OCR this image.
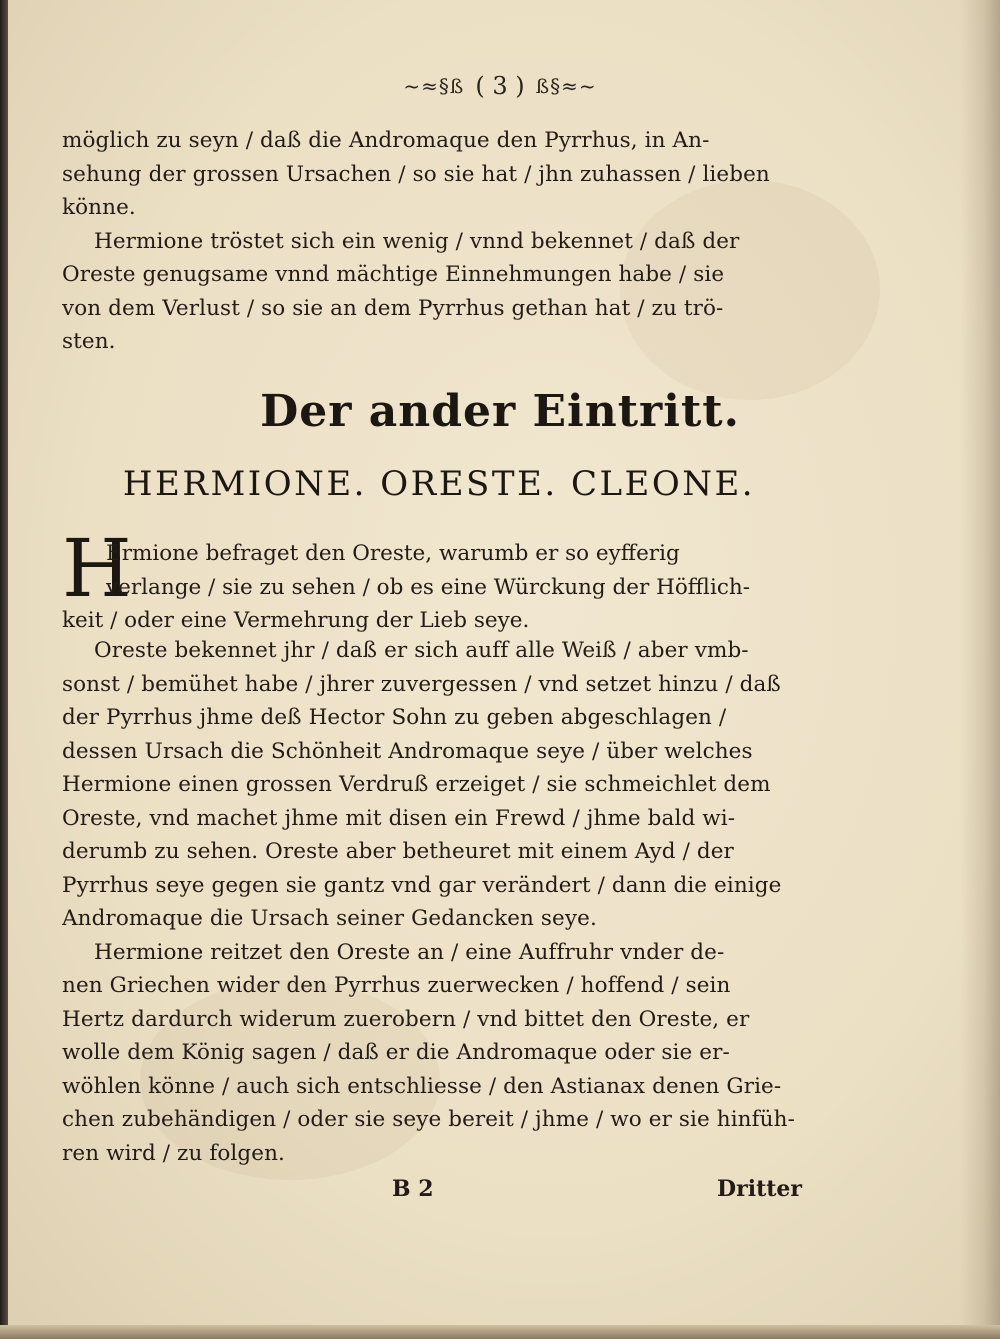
~≈§ß ( 3 ) ß§≈~
möglich zu seyn / daß die Andromaque den Pyrrhus, in An-
sehung der grossen Ursachen / so sie hat / jhn zuhassen / lieben
könne.
Hermione tröstet sich ein wenig / vnnd bekennet / daß der
Oreste genugsame vnnd mächtige Einnehmungen habe / sie
von dem Verlust / so sie an dem Pyrrhus gethan hat / zu trö-
sten.
Der ander Eintritt.
HERMIONE. ORESTE. CLEONE.
H
Ermione befraget den Oreste, warumb er so eyfferig
verlange / sie zu sehen / ob es eine Würckung der Höfflich-
keit / oder eine Vermehrung der Lieb seye.
Oreste bekennet jhr / daß er sich auff alle Weiß / aber vmb-
sonst / bemühet habe / jhrer zuvergessen / vnd setzet hinzu / daß
der Pyrrhus jhme deß Hector Sohn zu geben abgeschlagen /
dessen Ursach die Schönheit Andromaque seye / über welches
Hermione einen grossen Verdruß erzeiget / sie schmeichlet dem
Oreste, vnd machet jhme mit disen ein Frewd / jhme bald wi-
derumb zu sehen. Oreste aber betheuret mit einem Ayd / der
Pyrrhus seye gegen sie gantz vnd gar verändert / dann die einige
Andromaque die Ursach seiner Gedancken seye.
Hermione reitzet den Oreste an / eine Auffruhr vnder de-
nen Griechen wider den Pyrrhus zuerwecken / hoffend / sein
Hertz dardurch widerum zuerobern / vnd bittet den Oreste, er
wolle dem König sagen / daß er die Andromaque oder sie er-
wöhlen könne / auch sich entschliesse / den Astianax denen Grie-
chen zubehändigen / oder sie seye bereit / jhme / wo er sie hinfüh-
ren wird / zu folgen.
B 2	Dritter
